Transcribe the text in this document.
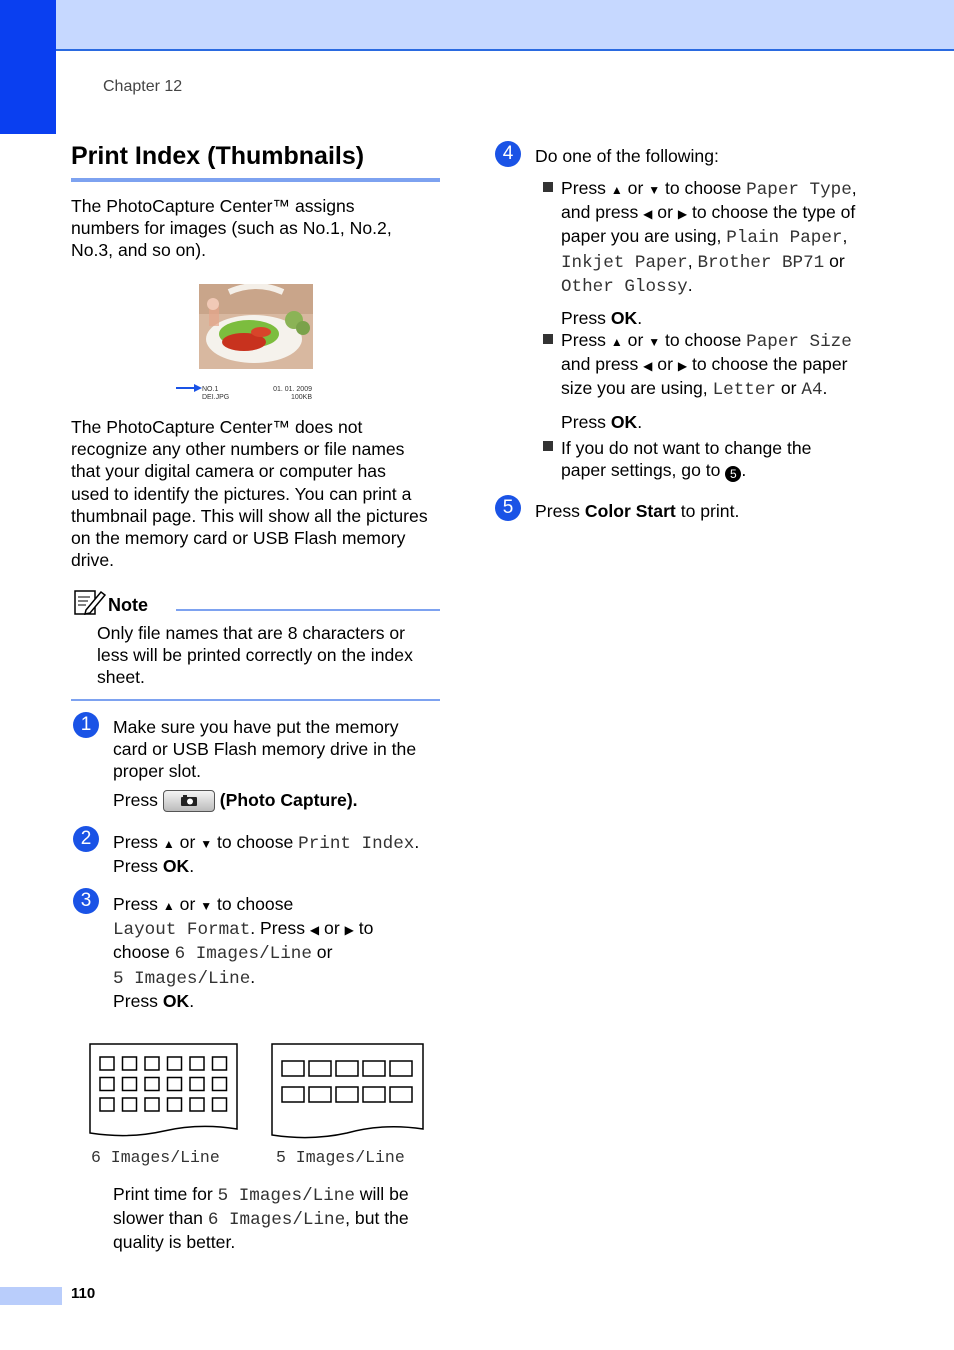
Chapter 12
Print Index (Thumbnails)

The PhotoCapture Center™ assigns

numbers for images (such as No.1, No.2,

No.3, and so on).

NO.1
DEI.JPG
01. 01. 2009
100KB

The PhotoCapture Center™ does not

recognize any other numbers or file names

that your digital camera or computer has

used to identify the pictures. You can print a

thumbnail page. This will show all the pictures

on the memory card or USB Flash memory

drive.

Note

Only file names that are 8 characters or

less will be printed correctly on the index

sheet.

1	Make sure you have put the memory

card or USB Flash memory drive in the

proper slot.

Press	(Photo Capture).

2	Press ▲ or ▼ to choose Print Index.

Press OK.

3	Press ▲ or ▼ to choose

Layout Format. Press ◀ or ▶ to

choose 6 Images/Line or

5 Images/Line.

Press OK.

6 Images/Line	5 Images/Line

Print time for 5 Images/Line will be

slower than 6 Images/Line, but the

quality is better.

4	Do one of the following:

Press ▲ or ▼ to choose Paper Type,

and press ◀ or ▶ to choose the type of

paper you are using, Plain Paper,

Inkjet Paper, Brother BP71 or

Other Glossy.

Press OK.

Press ▲ or ▼ to choose Paper Size

and press ◀ or ▶ to choose the paper

size you are using, Letter or A4.

Press OK.

If you do not want to change the

paper settings, go to 5 .

5	Press Color Start to print.
110
